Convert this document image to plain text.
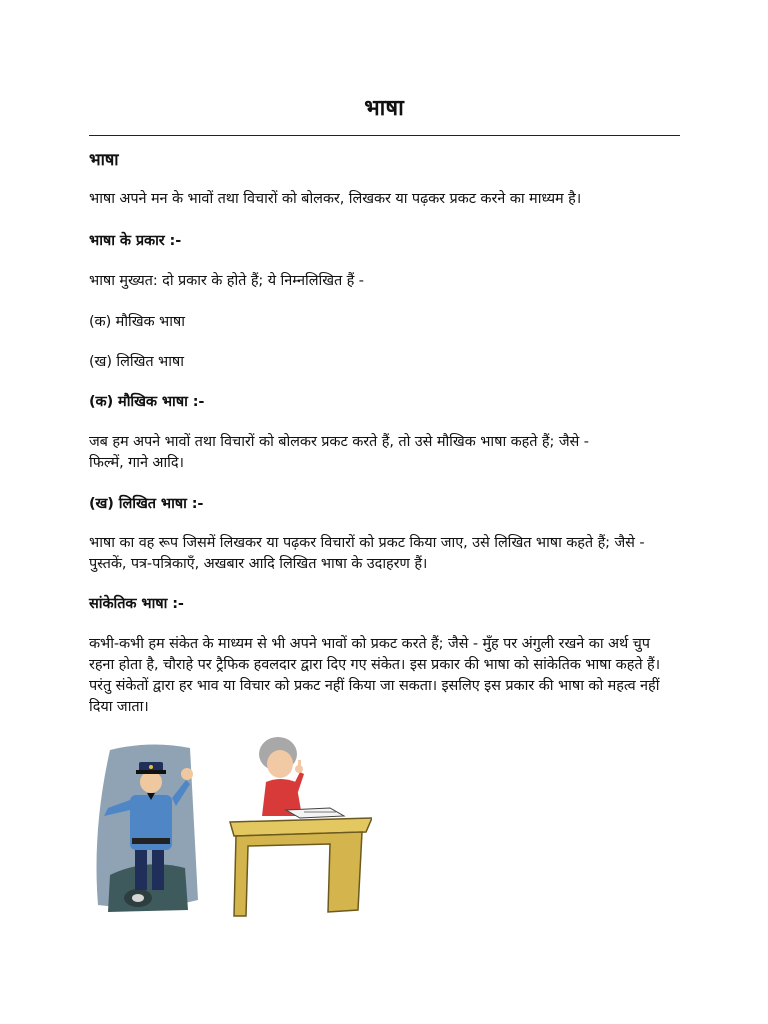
भाषा
भाषा
भाषा अपने मन के भावों तथा विचारों को बोलकर, लिखकर या पढ़कर प्रकट करने का माध्यम है।
भाषा के प्रकार :-
भाषा मुख्यत: दो प्रकार के होते हैं; ये निम्नलिखित हैं -
(क) मौखिक भाषा
(ख) लिखित भाषा
(क) मौखिक भाषा :-
जब हम अपने भावों तथा विचारों को बोलकर प्रकट करते हैं, तो उसे मौखिक भाषा कहते हैं; जैसे - फिल्में, गाने आदि।
(ख) लिखित भाषा :-
भाषा का वह रूप जिसमें लिखकर या पढ़कर विचारों को प्रकट किया जाए, उसे लिखित भाषा कहते हैं; जैसे - पुस्तकें, पत्र-पत्रिकाएँ, अखबार आदि लिखित भाषा के उदाहरण हैं।
सांकेतिक भाषा :-
कभी-कभी हम संकेत के माध्यम से भी अपने भावों को प्रकट करते हैं; जैसे - मुँह पर अंगुली रखने का अर्थ चुप रहना होता है, चौराहे पर ट्रैफिक हवलदार द्वारा दिए गए संकेत। इस प्रकार की भाषा को सांकेतिक भाषा कहते हैं। परंतु संकेतों द्वारा हर भाव या विचार को प्रकट नहीं किया जा सकता। इसलिए इस प्रकार की भाषा को महत्व नहीं दिया जाता।
